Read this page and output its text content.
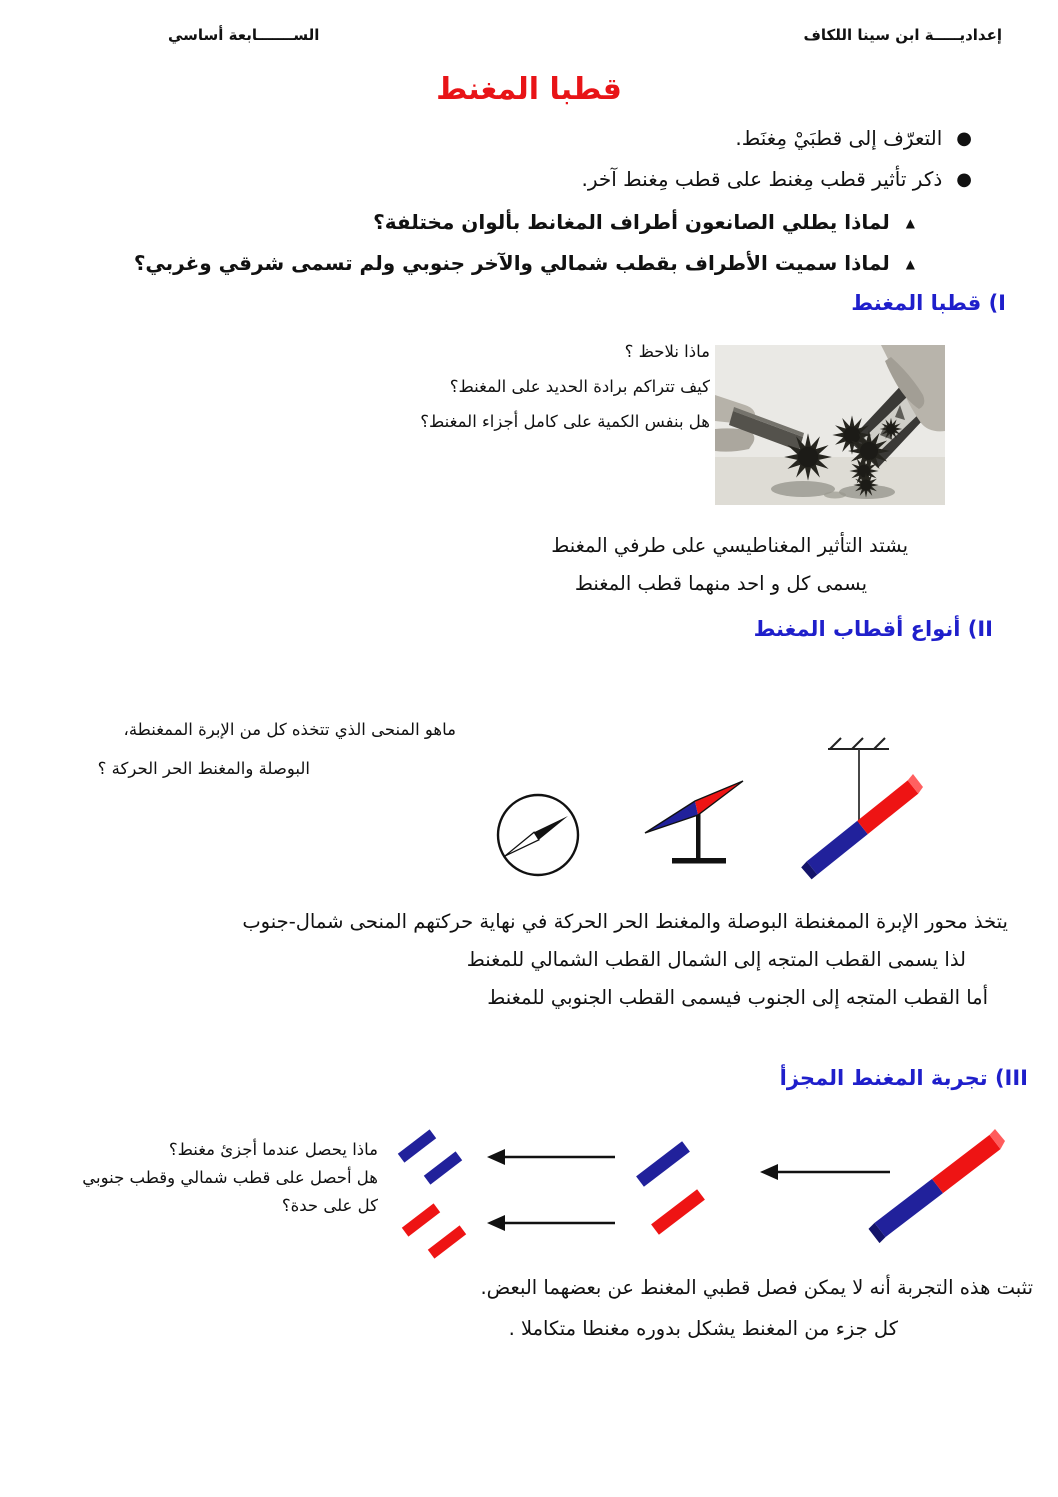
إعداديـــــة ابن سينا اللكاف
الســـــــابعة أساسي
قطبا المغنط
●
التعرّف إلى قطبَيْ مِغنَط.
●
ذكر تأثير قطب مِغنط على قطب مِغنط آخر.
▲
لماذا يطلي الصانعون أطراف المغانط بألوان مختلفة؟
▲
لماذا سميت الأطراف بقطب شمالي والآخر جنوبي ولم تسمى شرقي وغربي؟
I) قطبا المغنط
ماذا نلاحظ ؟
كيف تتراكم برادة الحديد على المغنط؟
هل بنفس الكمية على كامل أجزاء المغنط؟
يشتد التأثير المغناطيسي على طرفي المغنط
يسمى كل و احد منهما قطب المغنط
II) أنواع أقطاب المغنط
ماهو المنحى الذي تتخذه كل من الإبرة الممغنطة،
البوصلة والمغنط الحر الحركة ؟
يتخذ محور الإبرة الممغنطة البوصلة والمغنط الحر الحركة في نهاية حركتهم المنحى شمال-جنوب
لذا يسمى القطب المتجه إلى الشمال القطب الشمالي للمغنط
أما القطب المتجه إلى الجنوب فيسمى القطب الجنوبي للمغنط
III) تجربة المغنط المجزأ
ماذا يحصل عندما أجزئ مغنط؟
هل أحصل على قطب شمالي وقطب جنوبي
كل على حدة؟
تثبت هذه التجربة أنه لا يمكن فصل قطبي المغنط عن بعضهما البعض.
كل جزء من المغنط يشكل بدوره مغنطا متكاملا .
